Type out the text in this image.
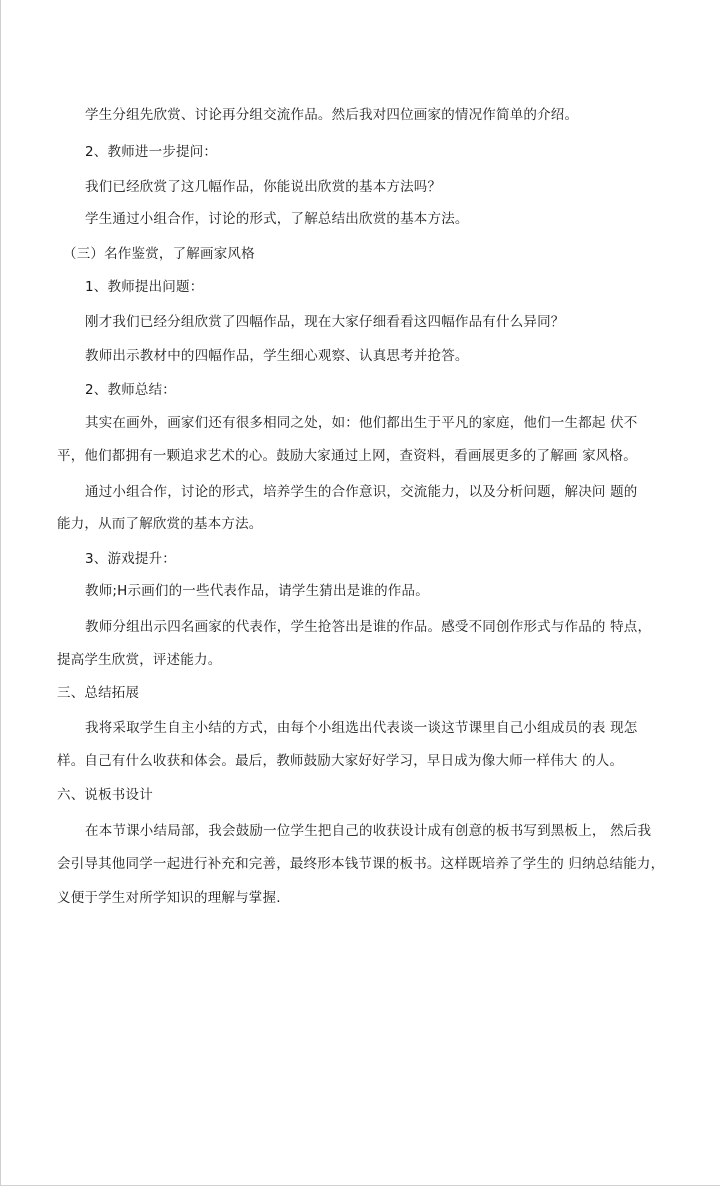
学生分组先欣赏、讨论再分组交流作品。然后我对四位画家的情况作简单的介绍。
2、教师进一步提问：
我们已经欣赏了这几幅作品，你能说出欣赏的基本方法吗？
学生通过小组合作，讨论的形式，了解总结出欣赏的基本方法。
（三）名作鉴赏，了解画家风格
1、教师提出问题：
刚才我们已经分组欣赏了四幅作品，现在大家仔细看看这四幅作品有什么异同？
教师出示教材中的四幅作品，学生细心观察、认真思考并抢答。
2、教师总结：
其实在画外，画家们还有很多相同之处，如：他们都出生于平凡的家庭，他们一生都起 伏不
平，他们都拥有一颗追求艺术的心。鼓励大家通过上网，查资料，看画展更多的了解画 家风格。
通过小组合作，讨论的形式，培养学生的合作意识，交流能力，以及分析问题，解决问 题的
能力，从而了解欣赏的基本方法。
3、游戏提升：
教师;H示画们的一些代表作品，请学生猜出是谁的作品。
教师分组出示四名画家的代表作，学生抢答出是谁的作品。感受不同创作形式与作品的 特点，
提高学生欣赏，评述能力。
三、总结拓展
我将采取学生自主小结的方式，由每个小组选出代表谈一谈这节课里自己小组成员的表 现怎
样。自己有什么收获和体会。最后，教师鼓励大家好好学习，早日成为像大师一样伟大 的人。
六、说板书设计
在本节课小结局部，我会鼓励一位学生把自己的收获设计成有创意的板书写到黑板上， 然后我
会引导其他同学一起进行补充和完善，最终形本钱节课的板书。这样既培养了学生的 归纳总结能力，
义便于学生对所学知识的理解与掌握.
